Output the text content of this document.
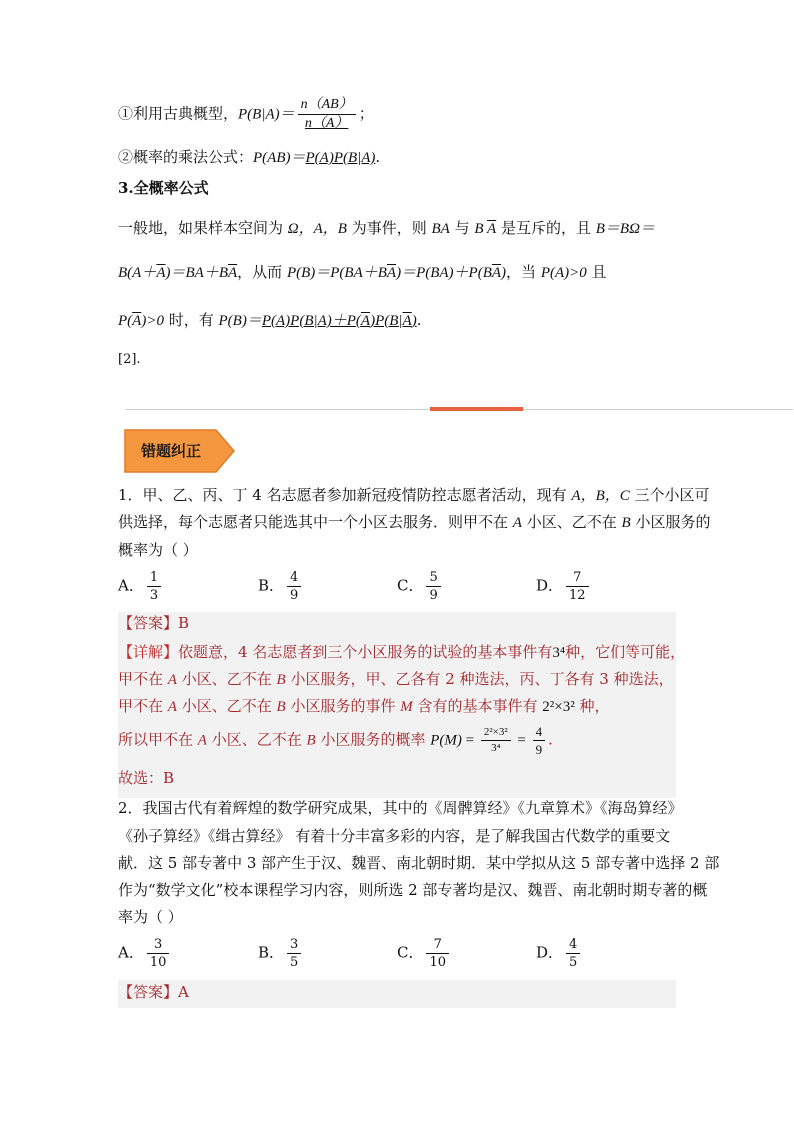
①利用古典概型，$P(B|A)= \frac{n(AB)}{n(A)}$ ；
②概率的乘法公式：P(AB)＝P(A)P(B|A).
3.全概率公式
一般地，如果样本空间为 Ω，A，B 为事件，则 BA 与 B $\overline{A}$ 是互斥的，且 B＝BΩ＝
$B(A+\overline{A})=BA+B\overline{A}$，从而 $P(B)=P(BA+B\overline{A})=P(BA)+P(B\overline{A})$，当 P(A)>0 且
$P(\overline{A})>0$ 时，有 P(B)＝P(A)P(B|A)＋P(A)P(B|A).
[2].
错题纠正
1．甲、乙、丙、丁 4 名志愿者参加新冠疫情防控志愿者活动，现有 A，B，C 三个小区可
供选择，每个志愿者只能选其中一个小区去服务．则甲不在 A 小区、乙不在 B 小区服务的
概率为（ ）
A． $\frac{1}{3}$	B． $\frac{4}{9}$	C． $\frac{5}{9}$	D． $\frac{7}{12}$
【答案】B
【详解】依题意，4 名志愿者到三个小区服务的试验的基本事件有3⁴种，它们等可能，
甲不在 A 小区、乙不在 B 小区服务，甲、乙各有 2 种选法，丙、丁各有 3 种选法，
甲不在 A 小区、乙不在 B 小区服务的事件 M 含有的基本事件有 2²×3² 种，
所以甲不在 A 小区、乙不在 B 小区服务的概率 $P(M) = \frac{\text{2²×3²}}{\text{3⁴}} = \frac{4}{9}$ .
故选：B
2．我国古代有着辉煌的数学研究成果，其中的《周髀算经》《九章算术》《海岛算经》
《孙子算经》《缉古算经》 有着十分丰富多彩的内容，是了解我国古代数学的重要文
献．这 5 部专著中 3 部产生于汉、魏晋、南北朝时期．某中学拟从这 5 部专著中选择 2 部
作为“数学文化”校本课程学习内容，则所选 2 部专著均是汉、魏晋、南北朝时期专著的概
率为（ ）
A． $\frac{3}{10}$	B． $\frac{3}{5}$	C． $\frac{7}{10}$	D． $\frac{4}{5}$
【答案】A
